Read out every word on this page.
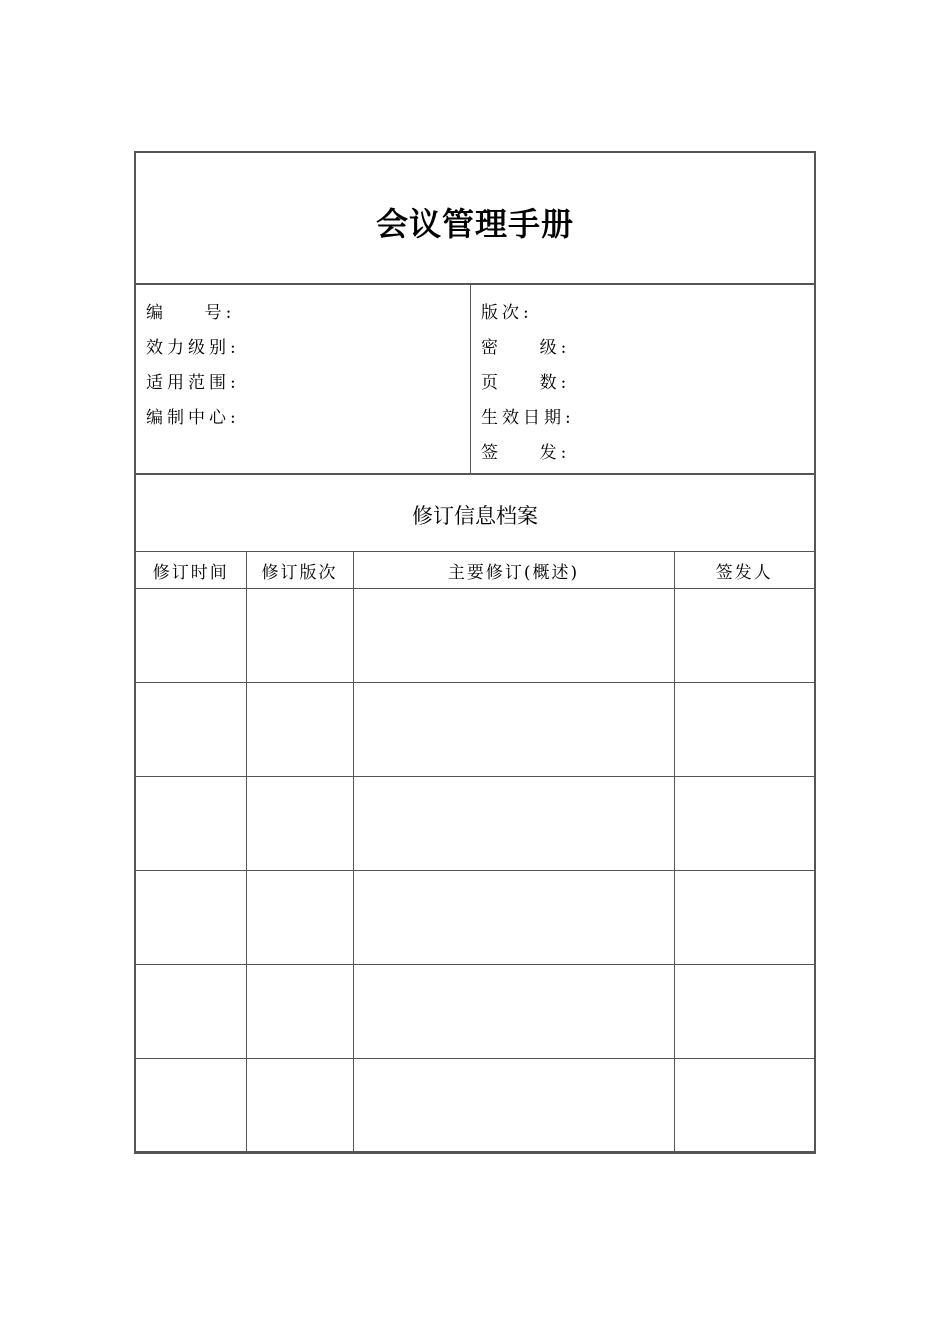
会议管理手册
编    号:
效力级别:
适用范围:
编制中心:
版次:
密    级:
页    数:
生效日期:
签    发:
修订信息档案
修订时间	修订版次	主要修订(概述)	签发人
